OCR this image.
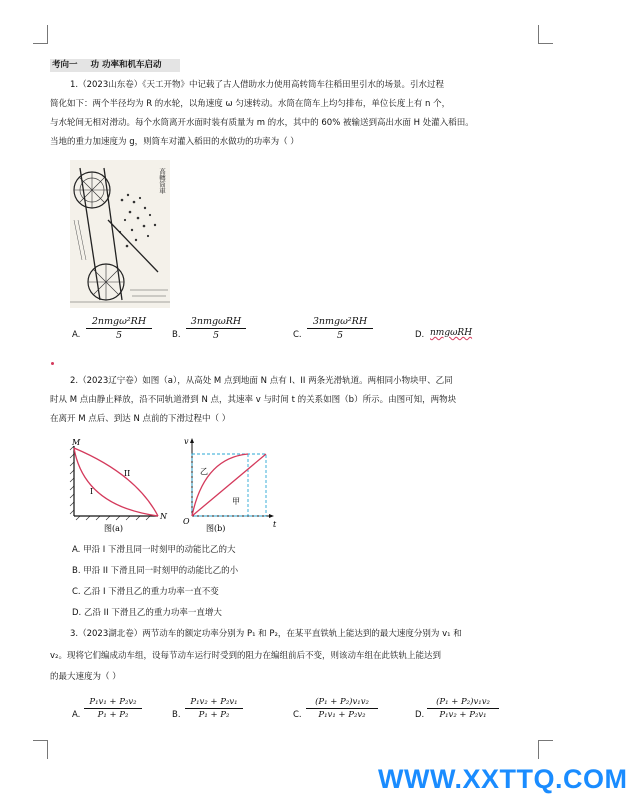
考向一 功 功率和机车启动
1.（2023山东卷）《天工开物》中记载了古人借助水力使用高转筒车往稻田里引水的场景。引水过程
简化如下：两个半径均为 R 的水轮，以角速度 ω 匀速转动。水筒在筒车上均匀排布，单位长度上有 n 个，
与水轮间无相对滑动。每个水筒离开水面时装有质量为 m 的水，其中的 60% 被输送到高出水面 H 处灌入稻田。
当地的重力加速度为 g，则筒车对灌入稻田的水做功的功率为（ ）
高轉筒車
A.
2nmgω²RH
5	B.
3nmgωRH
5	C.
3nmgω²RH
5	D. nmgωRH
2.（2023辽宁卷）如图（a），从高处 M 点到地面 N 点有 I、II 两条光滑轨道。两相同小物块甲、乙同
时从 M 点由静止释放，沿不同轨道滑到 N 点，其速率 v 与时间 t 的关系如图（b）所示。由图可知，两物块
在离开 M 点后、到达 N 点前的下滑过程中（ ）
M
N
I
II
图(a)
v
t
O
乙
甲
图(b)
A. 甲沿 I 下滑且同一时刻甲的动能比乙的大
B. 甲沿 II 下滑且同一时刻甲的动能比乙的小
C. 乙沿 I 下滑且乙的重力功率一直不变
D. 乙沿 II 下滑且乙的重力功率一直增大
3.（2023湖北卷）两节动车的额定功率分别为 P₁ 和 P₂，在某平直铁轨上能达到的最大速度分别为 v₁ 和
v₂。现将它们编成动车组，设每节动车运行时受到的阻力在编组前后不变，则该动车组在此铁轨上能达到
的最大速度为（ ）
A. $\frac{\text{P₁v₁ + P₂v₂}}{\text{P₁ + P₂}}$	B. $\frac{\text{P₁v₂ + P₂v₁}}{\text{P₁ + P₂}}$	C. $\frac{\text{(P₁ + P₂)v₁v₂}}{\text{P₁v₁ + P₂v₂}}$	D. $\frac{\text{(P₁ + P₂)v₁v₂}}{\text{P₁v₂ + P₂v₁}}$
WWW.XXTTQ.COM
